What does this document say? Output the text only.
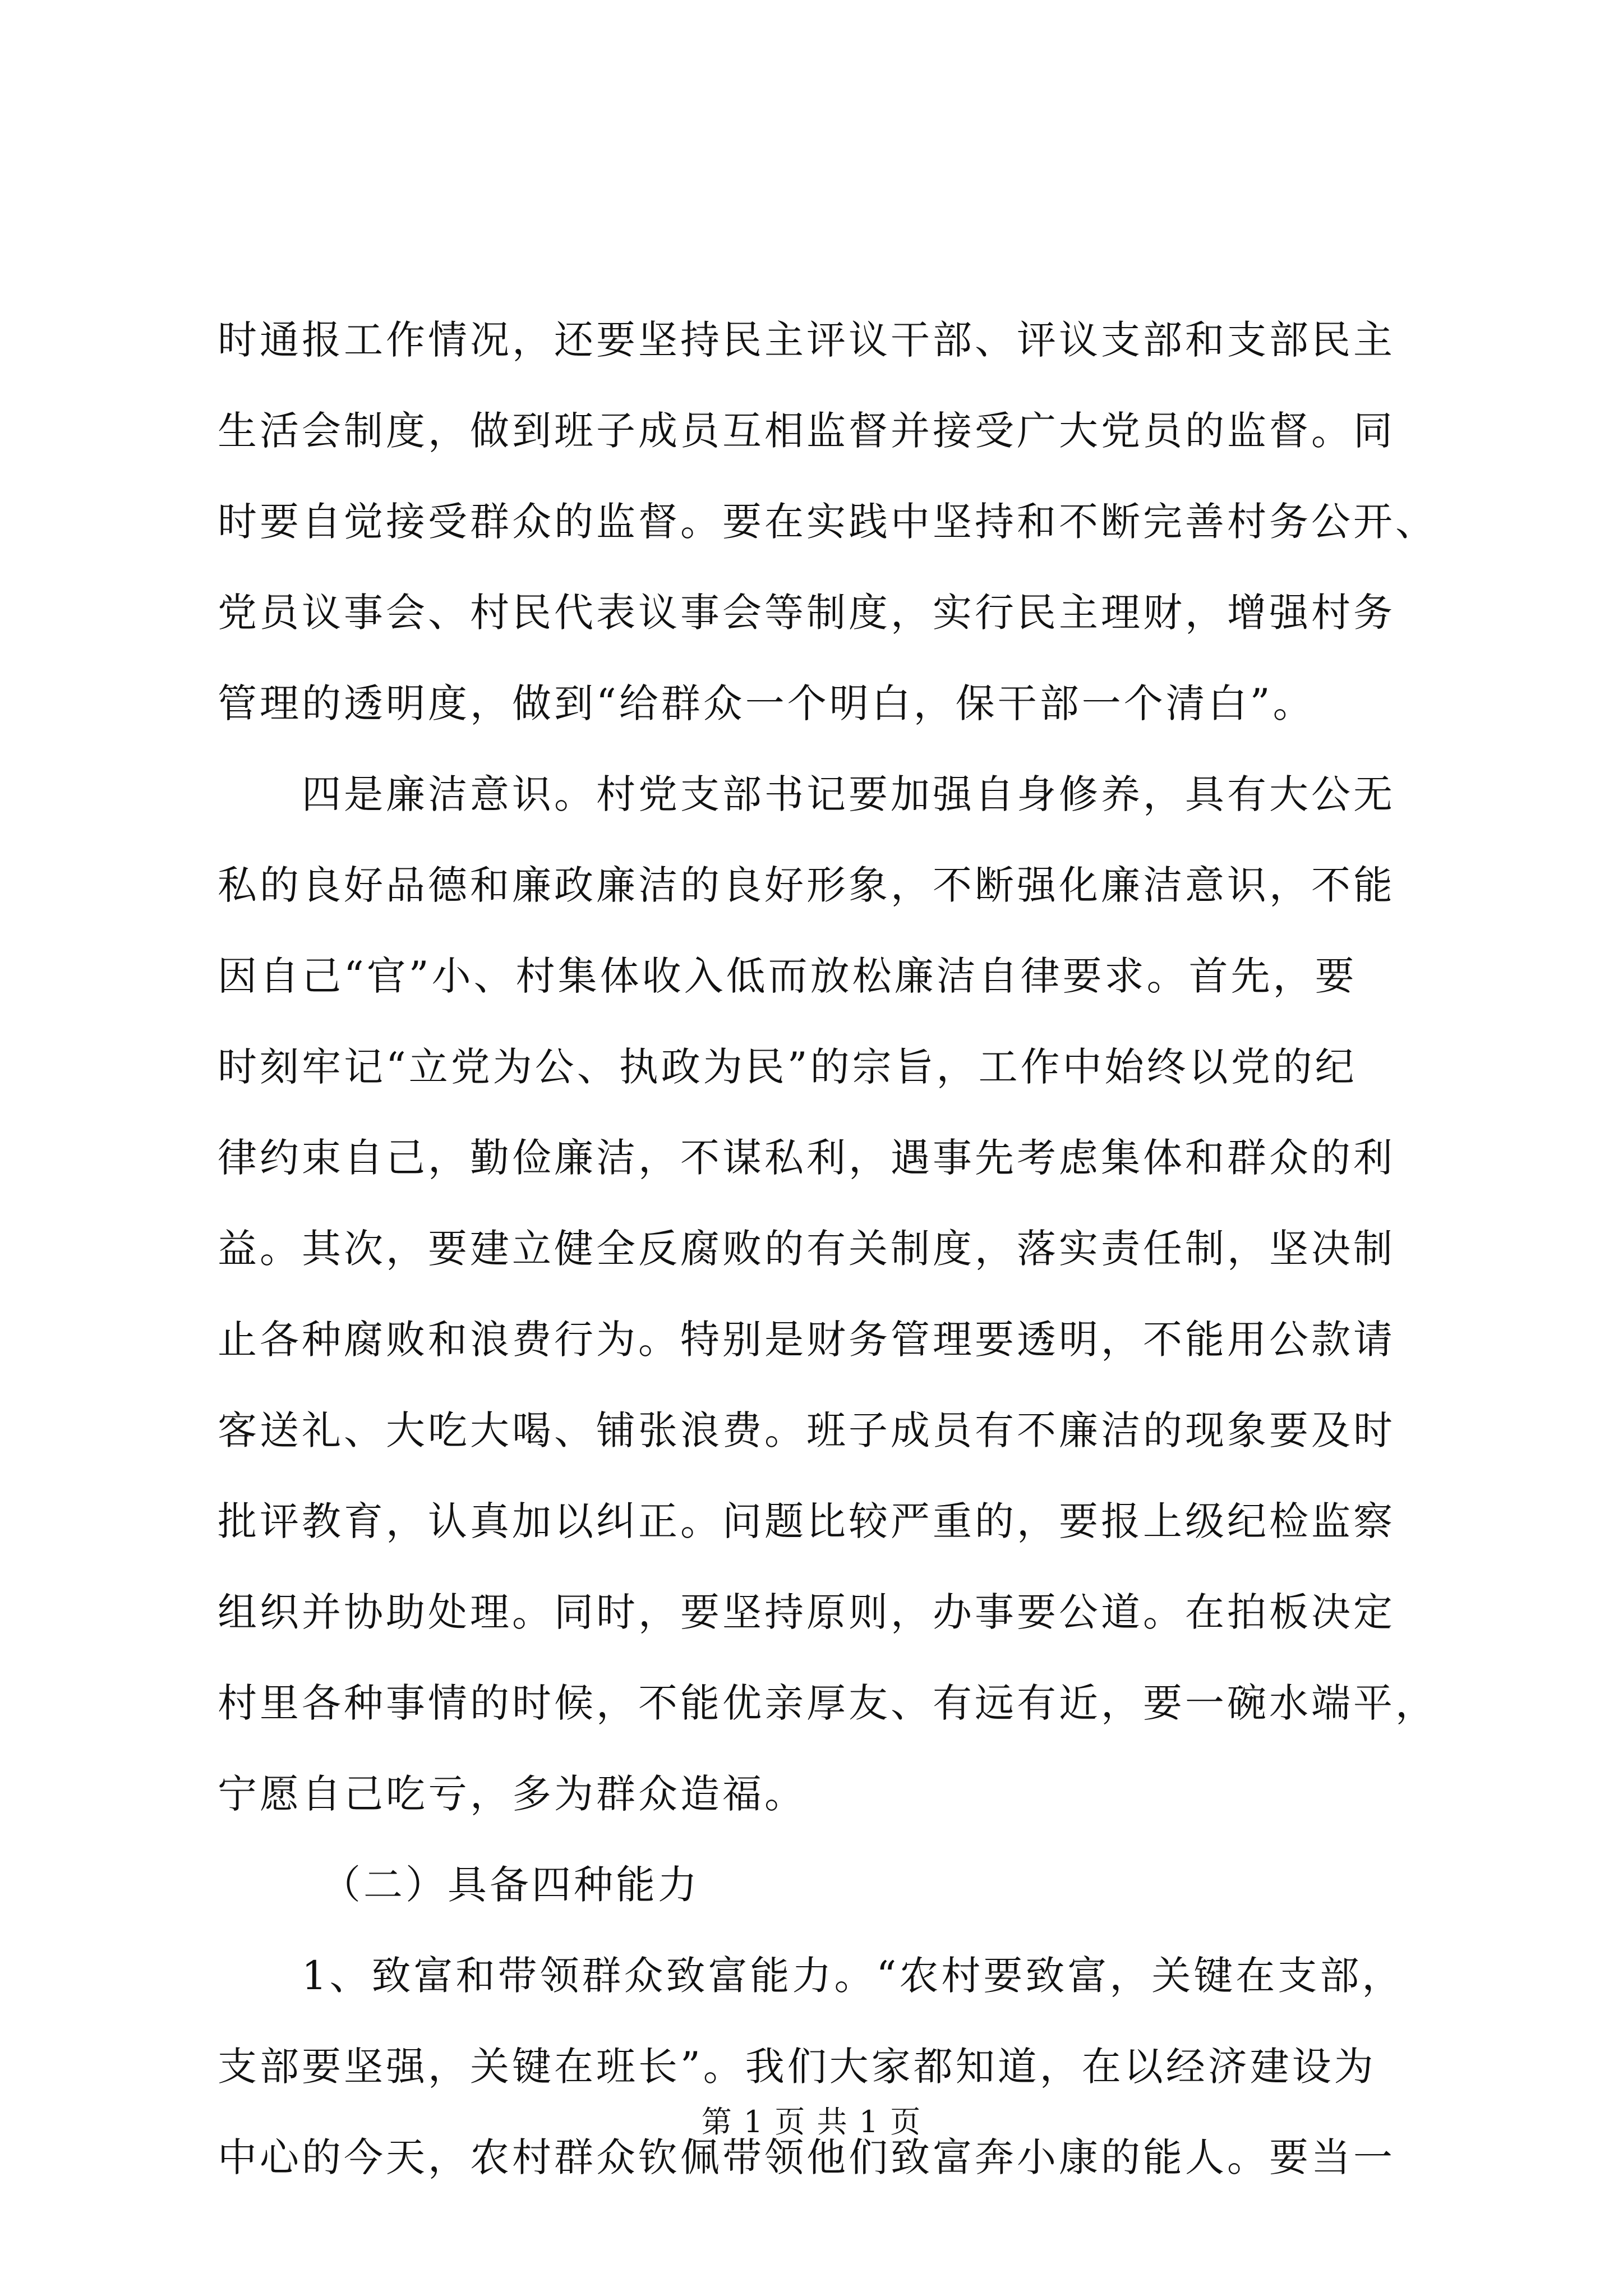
时通报工作情况，还要坚持民主评议干部、评议支部和支部民主
生活会制度，做到班子成员互相监督并接受广大党员的监督。同
时要自觉接受群众的监督。要在实践中坚持和不断完善村务公开、
党员议事会、村民代表议事会等制度，实行民主理财，增强村务
管理的透明度，做到“给群众一个明白，保干部一个清白”。
四是廉洁意识。村党支部书记要加强自身修养，具有大公无
私的良好品德和廉政廉洁的良好形象，不断强化廉洁意识，不能
因自己“官”小、村集体收入低而放松廉洁自律要求。首先，要
时刻牢记“立党为公、执政为民”的宗旨，工作中始终以党的纪
律约束自己，勤俭廉洁，不谋私利，遇事先考虑集体和群众的利
益。其次，要建立健全反腐败的有关制度，落实责任制，坚决制
止各种腐败和浪费行为。特别是财务管理要透明，不能用公款请
客送礼、大吃大喝、铺张浪费。班子成员有不廉洁的现象要及时
批评教育，认真加以纠正。问题比较严重的，要报上级纪检监察
组织并协助处理。同时，要坚持原则，办事要公道。在拍板决定
村里各种事情的时候，不能优亲厚友、有远有近，要一碗水端平，
宁愿自己吃亏，多为群众造福。
（二）具备四种能力
1、致富和带领群众致富能力。“农村要致富，关键在支部，
支部要坚强，关键在班长”。我们大家都知道，在以经济建设为
中心的今天，农村群众钦佩带领他们致富奔小康的能人。要当一
第 1 页 共 1 页
